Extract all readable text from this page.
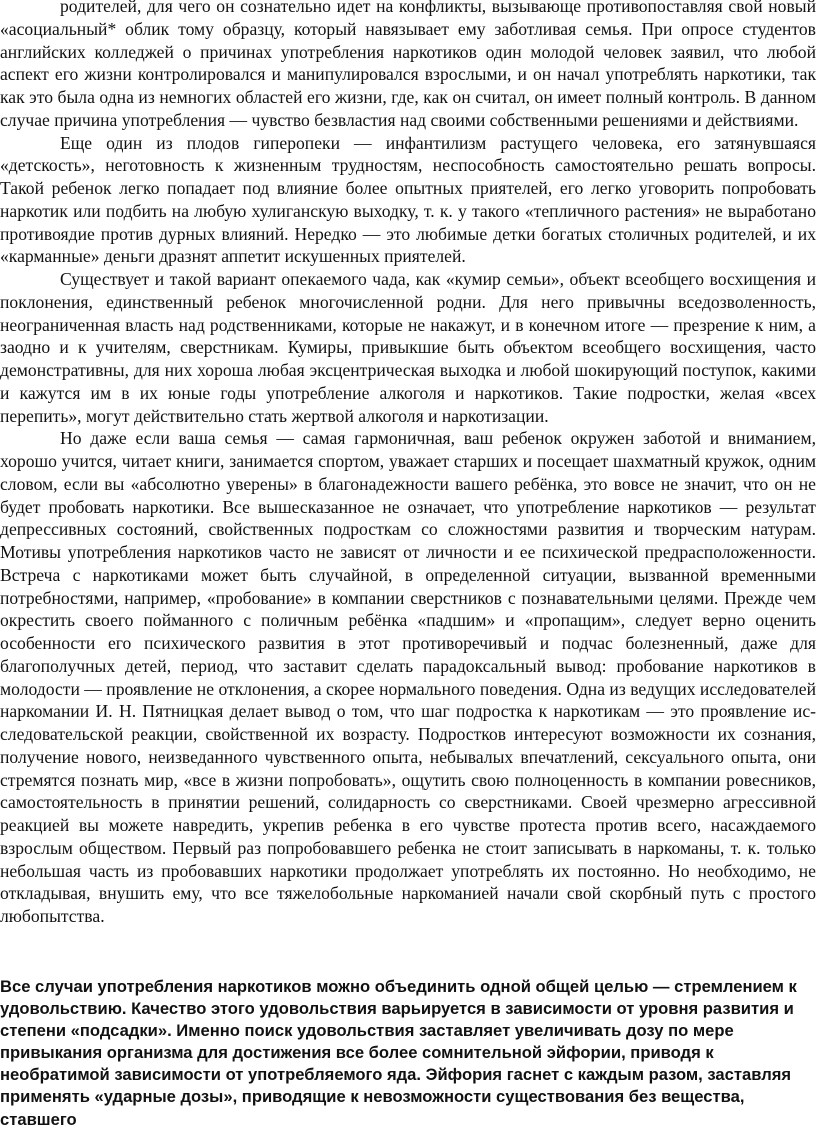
родителей, для чего он сознательно идет на конфликты, вызывающе противопоставляя свой новый «асоциальный* облик тому образцу, который навязывает ему заботливая семья. При опросе студентов английских колледжей о причинах употребления наркотиков один молодой человек заявил, что любой аспект его жизни контролировался и манипулировался взрослыми, и он начал употреблять наркотики, так как это была одна из немногих областей его жизни, где, как он считал, он имеет полный контроль. В данном случае причина употребления — чувство безвластия над своими собственными решениями и действиями.

Еще один из плодов гиперопеки — инфантилизм растущего человека, его затянувшаяся «детскость», неготовность к жизненным трудностям, неспособность самостоятельно решать вопросы. Такой ребенок легко попадает под влияние более опытных приятелей, его легко уговорить попробовать наркотик или подбить на любую хулиганскую выходку, т. к. у такого «тепличного растения» не выработано противоядие против дурных влияний. Нередко — это любимые детки богатых столичных родителей, и их «карманные» деньги дразнят аппетит искушенных приятелей.

Существует и такой вариант опекаемого чада, как «кумир семьи», объект всеобщего восхищения и поклонения, единственный ребенок многочисленной родни. Для него привычны вседозволенность, неограниченная власть над родственниками, которые не накажут, и в конечном итоге — презрение к ним, а заодно и к учителям, сверстникам. Кумиры, привыкшие быть объектом всеобщего восхищения, часто демонстративны, для них хороша любая эксцентрическая выходка и любой шокирующий поступок, какими и кажутся им в их юные годы употребление алкоголя и наркотиков. Такие подростки, желая «всех перепить», могут действительно стать жертвой алкоголя и наркотизации.

Но даже если ваша семья — самая гармоничная, ваш ребенок окружен заботой и вниманием, хорошо учится, читает книги, занимается спортом, уважает старших и посещает шахматный кружок, одним словом, если вы «абсолютно уверены» в благонадежности вашего ребёнка, это вовсе не значит, что он не будет пробовать наркотики. Все вышесказанное не означает, что употребление наркотиков — результат депрессивных состояний, свойственных подросткам со сложностями развития и творческим натурам. Мотивы употребления наркотиков часто не зависят от личности и ее психической предрасположенности. Встреча с наркотиками может быть случайной, в определенной ситуации, вызванной временными потребностями, например, «пробование» в компании сверстников с познавательными целями. Прежде чем окрестить своего пойманного с поличным ребёнка «падшим» и «пропащим», следует верно оценить особенности его психического развития в этот противоречивый и подчас болезненный, даже для благополучных детей, период, что заставит сделать парадоксальный вывод: пробование наркотиков в молодости — проявление не отклонения, а скорее нормального поведения. Одна из ведущих исследователей наркомании И. Н. Пятницкая делает вывод о том, что шаг подростка к наркотикам — это проявление исследовательской реакции, свойственной их возрасту. Подростков интересуют возможности их сознания, получение нового, неизведанного чувственного опыта, небывалых впечатлений, сексуального опыта, они стремятся познать мир, «все в жизни попробовать», ощутить свою полноценность в компании ровесников, самостоятельность в принятии решений, солидарность со сверстниками. Своей чрезмерно агрессивной реакцией вы можете навредить, укрепив ребенка в его чувстве протеста против всего, насаждаемого взрослым обществом. Первый раз попробовавшего ребенка не стоит записывать в наркоманы, т. к. только небольшая часть из пробовавших наркотики продолжает употреблять их постоянно. Но необходимо, не откладывая, внушить ему, что все тяжелобольные наркоманией начали свой скорбный путь с простого любопытства.

Все случаи употребления наркотиков можно объединить одной общей целью — стремлением к удовольствию. Качество этого удовольствия варьируется в зависимости от уровня развития и степени «подсадки». Именно поиск удовольствия заставляет увеличивать дозу по мере привыкания организма для достижения все более сомнительной эйфории, приводя к необратимой зависимости от употребляемого яда. Эйфория гаснет с каждым разом, заставляя применять «ударные дозы», приводящие к невозможности существования без вещества, ставшего
